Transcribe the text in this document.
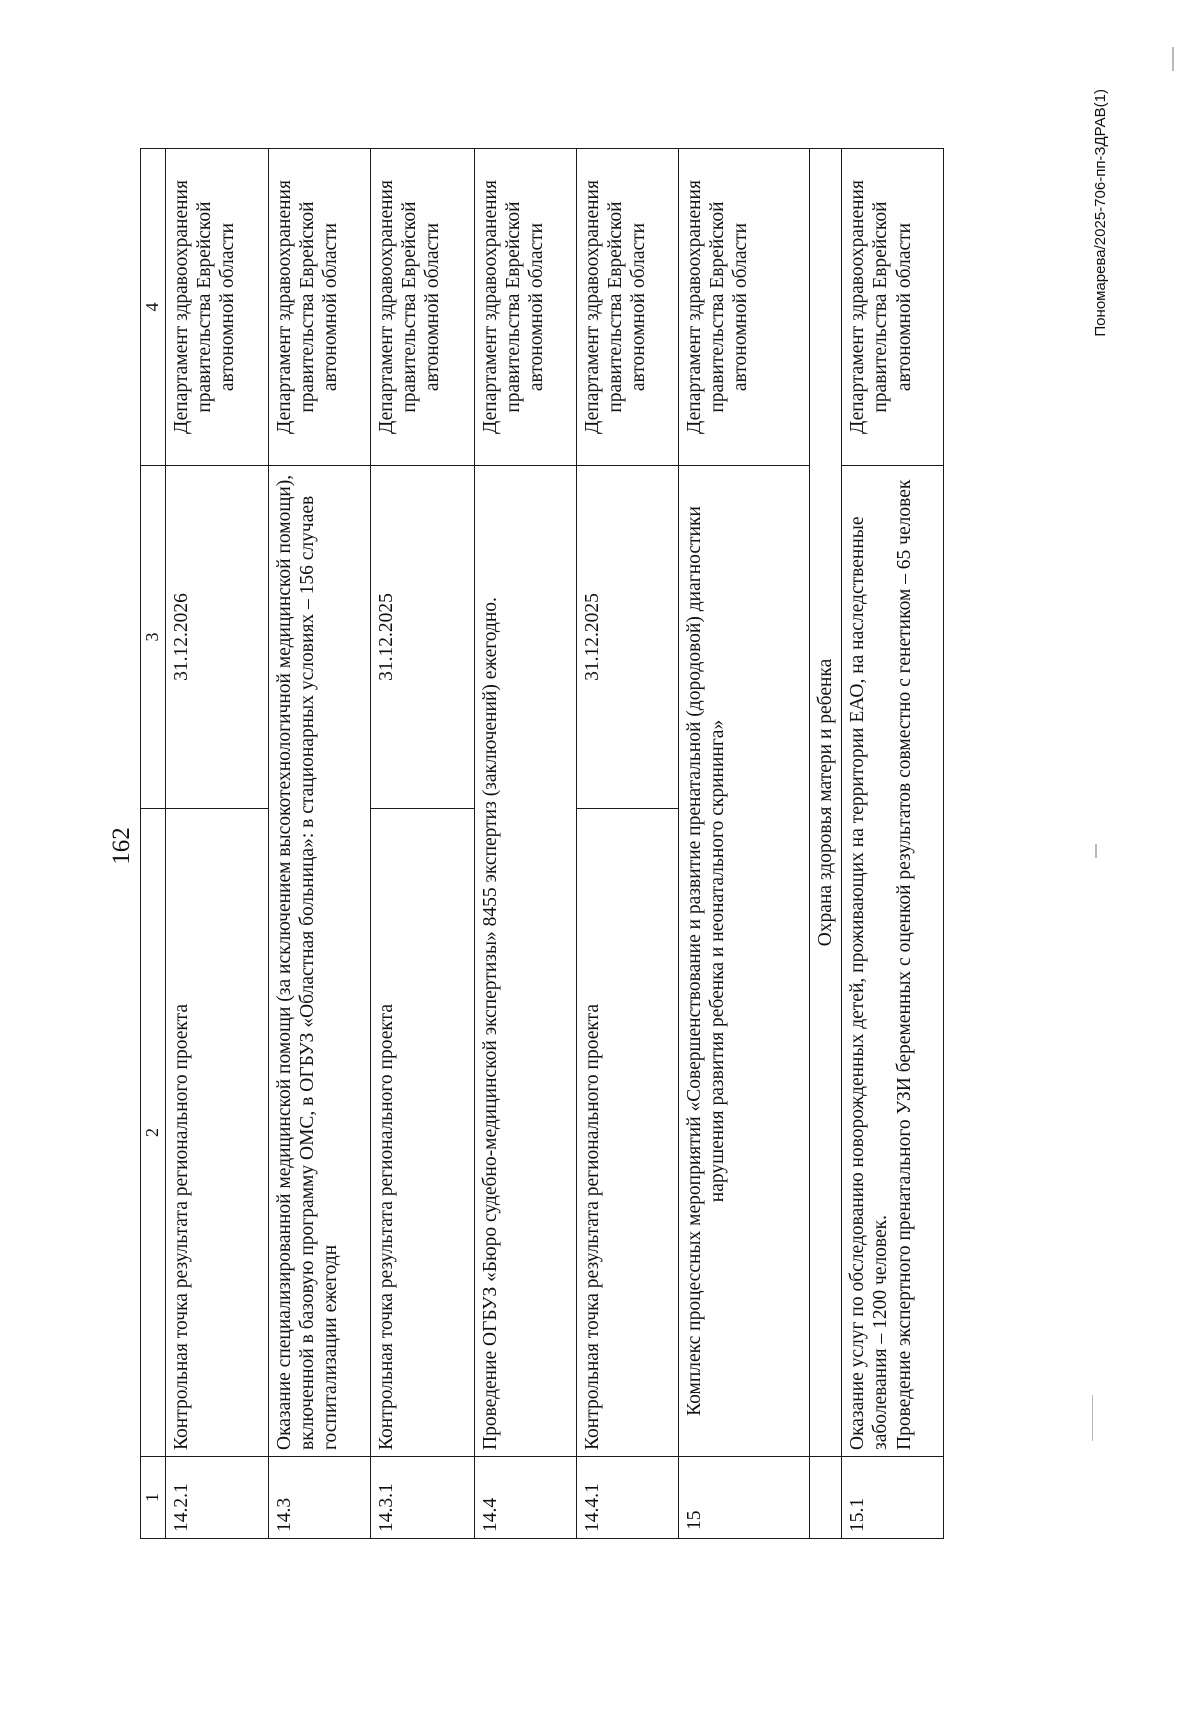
162
1	2	3	4
14.2.1	Контрольная точка результата регионального проекта	31.12.2026	Департамент здравоохранения правительства Еврейской автономной области
14.3	Оказание специализированной медицинской помощи (за исключением высокотехнологичной медицинской помощи), включенной в базовую программу ОМС, в ОГБУЗ «Областная больница»: в стационарных условиях – 156 случаев госпитализации ежегодн		Департамент здравоохранения правительства Еврейской автономной области
14.3.1	Контрольная точка результата регионального проекта	31.12.2025	Департамент здравоохранения правительства Еврейской автономной области
14.4	Проведение ОГБУЗ «Бюро судебно-медицинской экспертизы» 8455 экспертиз (заключений) ежегодно.		Департамент здравоохранения правительства Еврейской автономной области
14.4.1	Контрольная точка результата регионального проекта	31.12.2025	Департамент здравоохранения правительства Еврейской автономной области
15	Комплекс процессных мероприятий «Совершенствование и развитие пренатальной (дородовой) диагностики нарушения развития ребенка и неонатального скрининга»		Департамент здравоохранения правительства Еврейской автономной области
	Охрана здоровья матери и ребенка		
15.1	Оказание услуг по обследованию новорожденных детей, проживающих на территории ЕАО, на наследственные заболевания – 1200 человек. Проведение экспертного пренатального УЗИ беременных с оценкой результатов совместно с генетиком – 65 человек		Департамент здравоохранения правительства Еврейской автономной области	Пономарева/2025-706-пп-ЗДРАВ(1)
